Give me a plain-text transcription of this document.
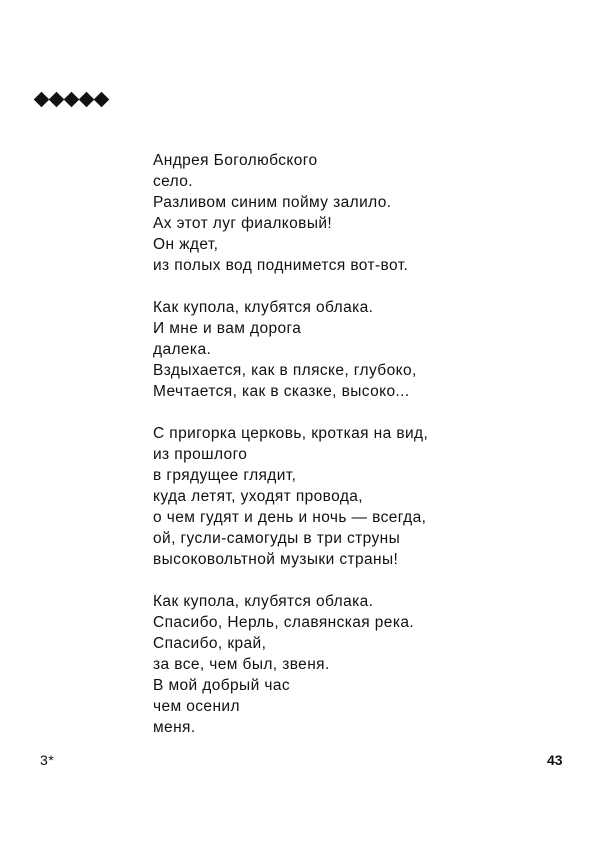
Андрея Боголюбского
село.
Разливом синим пойму залило.
Ах этот луг фиалковый!
Он ждет,
из полых вод поднимется вот-вот.
Как купола, клубятся облака.
И мне и вам дорога
далека.
Вздыхается, как в пляске, глубоко,
Мечтается, как в сказке, высоко...
С пригорка церковь, кроткая на вид,
из прошлого
в грядущее глядит,
куда летят, уходят провода,
о чем гудят и день и ночь — всегда,
ой, гусли-самогуды в три струны
высоковольтной музыки страны!
Как купола, клубятся облака.
Спасибо, Нерль, славянская река.
Спасибо, край,
за все, чем был, звеня.
В мой добрый час
чем осенил
меня.
3*	43
